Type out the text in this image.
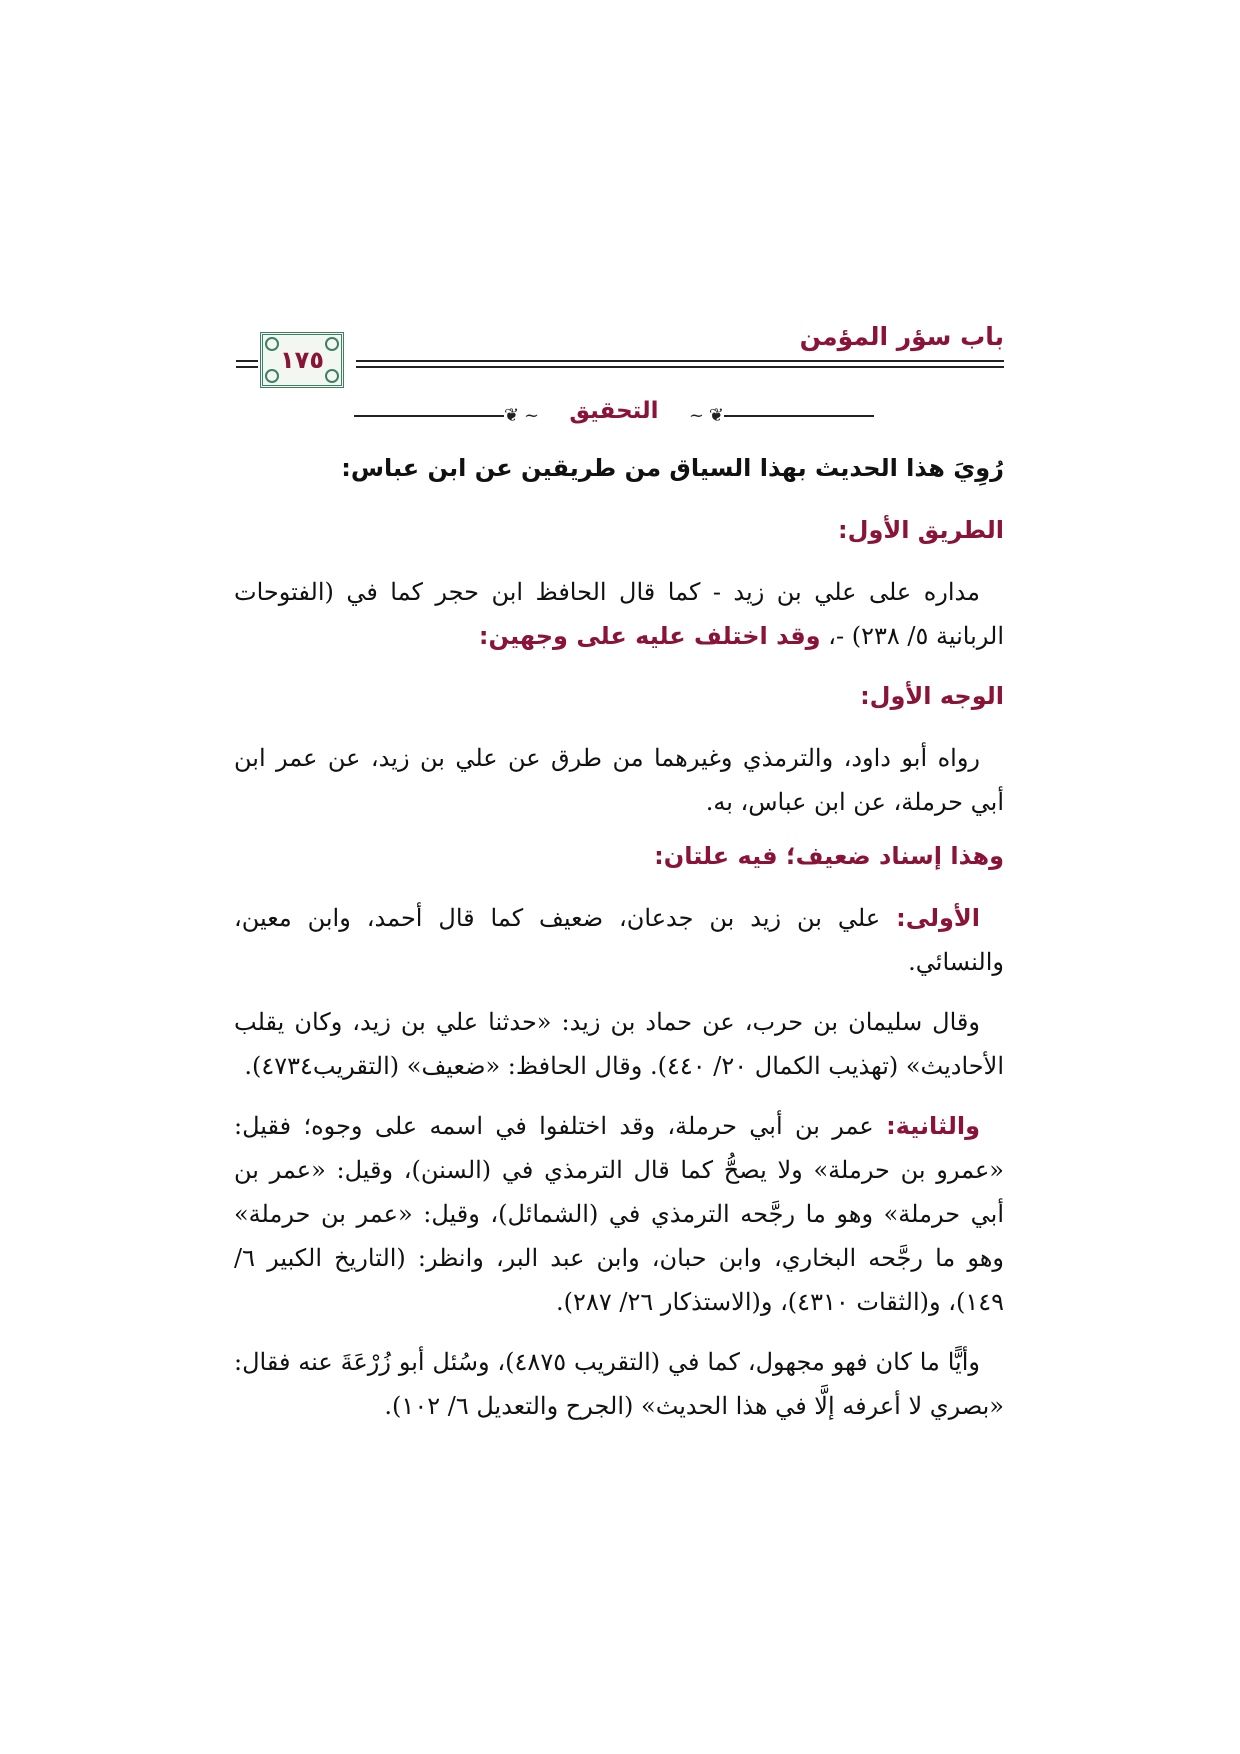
باب سؤر المؤمن
١٧٥
❦ ~	التحقيق	~ ❦

رُوِيَ هذا الحديث بهذا السياق من طريقين عن ابن عباس:

الطريق الأول:

مداره على علي بن زيد - كما قال الحافظ ابن حجر كما في (الفتوحات الربانية ٥/ ٢٣٨) -، وقد اختلف عليه على وجهين:

الوجه الأول:

رواه أبو داود، والترمذي وغيرهما من طرق عن علي بن زيد، عن عمر ابن أبي حرملة، عن ابن عباس، به.

وهذا إسناد ضعيف؛ فيه علتان:

الأولى: علي بن زيد بن جدعان، ضعيف كما قال أحمد، وابن معين، والنسائي.

وقال سليمان بن حرب، عن حماد بن زيد: «حدثنا علي بن زيد، وكان يقلب الأحاديث» (تهذيب الكمال ٢٠/ ٤٤٠). وقال الحافظ: «ضعيف» (التقريب٤٧٣٤).

والثانية: عمر بن أبي حرملة، وقد اختلفوا في اسمه على وجوه؛ فقيل: «عمرو بن حرملة» ولا يصحُّ كما قال الترمذي في (السنن)، وقيل: «عمر بن أبي حرملة» وهو ما رجَّحه الترمذي في (الشمائل)، وقيل: «عمر بن حرملة» وهو ما رجَّحه البخاري، وابن حبان، وابن عبد البر، وانظر: (التاريخ الكبير ٦/ ١٤٩)، و(الثقات ٤٣١٠)، و(الاستذكار ٢٦/ ٢٨٧).

وأيًّا ما كان فهو مجهول، كما في (التقريب ٤٨٧٥)، وسُئل أبو زُرْعَةَ عنه فقال: «بصري لا أعرفه إلَّا في هذا الحديث» (الجرح والتعديل ٦/ ١٠٢).
